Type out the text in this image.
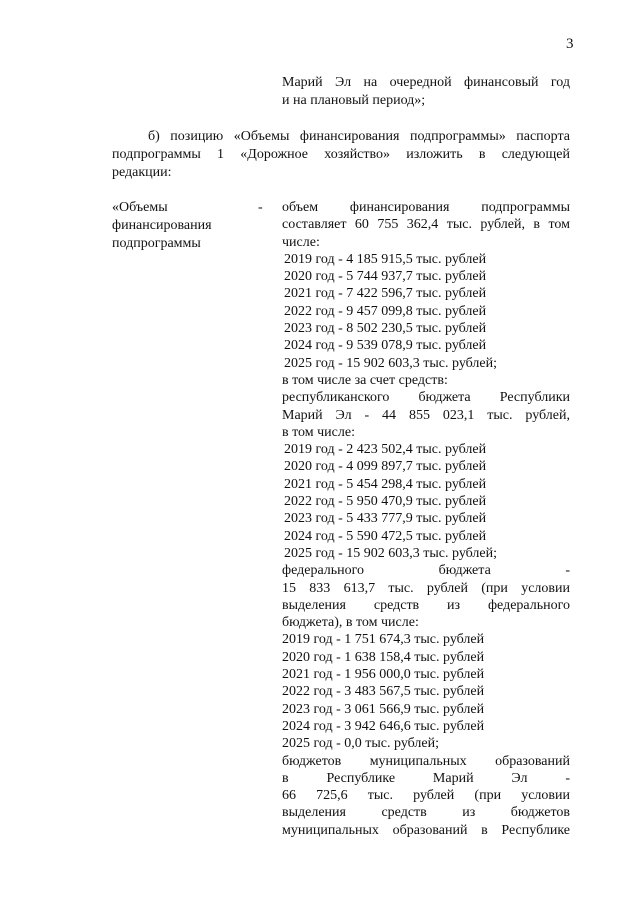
3
Марий Эл на очередной финансовый год
и на плановый период»;
б) позицию «Объемы финансирования подпрограммы» паспорта
подпрограммы 1 «Дорожное хозяйство» изложить в следующей
редакции:
«Объемы
финансирования
подпрограммы
- объем финансирования подпрограммы
составляет 60 755 362,4 тыс. рублей, в том
числе:
2019 год - 4 185 915,5 тыс. рублей
2020 год - 5 744 937,7 тыс. рублей
2021 год - 7 422 596,7 тыс. рублей
2022 год - 9 457 099,8 тыс. рублей
2023 год - 8 502 230,5 тыс. рублей
2024 год - 9 539 078,9 тыс. рублей
2025 год - 15 902 603,3 тыс. рублей;
в том числе за счет средств:
республиканского бюджета Республики
Марий Эл - 44 855 023,1 тыс. рублей,
в том числе:
2019 год - 2 423 502,4 тыс. рублей
2020 год - 4 099 897,7 тыс. рублей
2021 год - 5 454 298,4 тыс. рублей
2022 год - 5 950 470,9 тыс. рублей
2023 год - 5 433 777,9 тыс. рублей
2024 год - 5 590 472,5 тыс. рублей
2025 год - 15 902 603,3 тыс. рублей;
федерального бюджета -
15 833 613,7 тыс. рублей (при условии
выделения средств из федерального
бюджета), в том числе:
2019 год - 1 751 674,3 тыс. рублей
2020 год - 1 638 158,4 тыс. рублей
2021 год - 1 956 000,0 тыс. рублей
2022 год - 3 483 567,5 тыс. рублей
2023 год - 3 061 566,9 тыс. рублей
2024 год - 3 942 646,6 тыс. рублей
2025 год - 0,0 тыс. рублей;
бюджетов муниципальных образований
в Республике Марий Эл -
66 725,6 тыс. рублей (при условии
выделения средств из бюджетов
муниципальных образований в Республике
